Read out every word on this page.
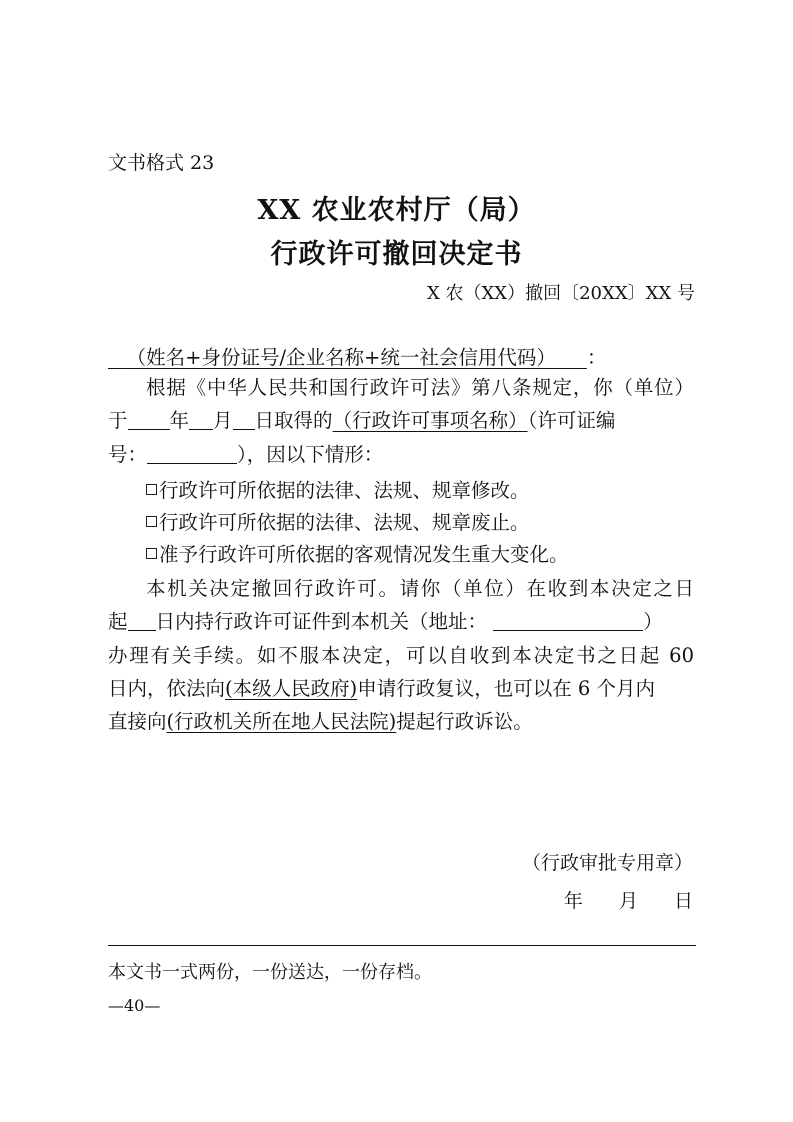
文书格式 23
XX 农业农村厅（局）
行政许可撤回决定书
X 农（XX）撤回〔20XX〕XX 号
（姓名+身份证号/企业名称+统一社会信用代码） ：
根据《中华人民共和国行政许可法》第八条规定，你（单位）
于 年 月 日取得的（行政许可事项名称）（许可证编
号：	），因以下情形：
行政许可所依据的法律、法规、规章修改。
行政许可所依据的法律、法规、规章废止。
准予行政许可所依据的客观情况发生重大变化。
本机关决定撤回行政许可。请你（单位）在收到本决定之日
起 日内持行政许可证件到本机关（地址：	）
办理有关手续。如不服本决定，可以自收到本决定书之日起 60
日内，依法向(本级人民政府)申请行政复议，也可以在 6 个月内
直接向(行政机关所在地人民法院)提起行政诉讼。
（行政审批专用章）
年 月 日
本文书一式两份，一份送达，一份存档。
—40—
